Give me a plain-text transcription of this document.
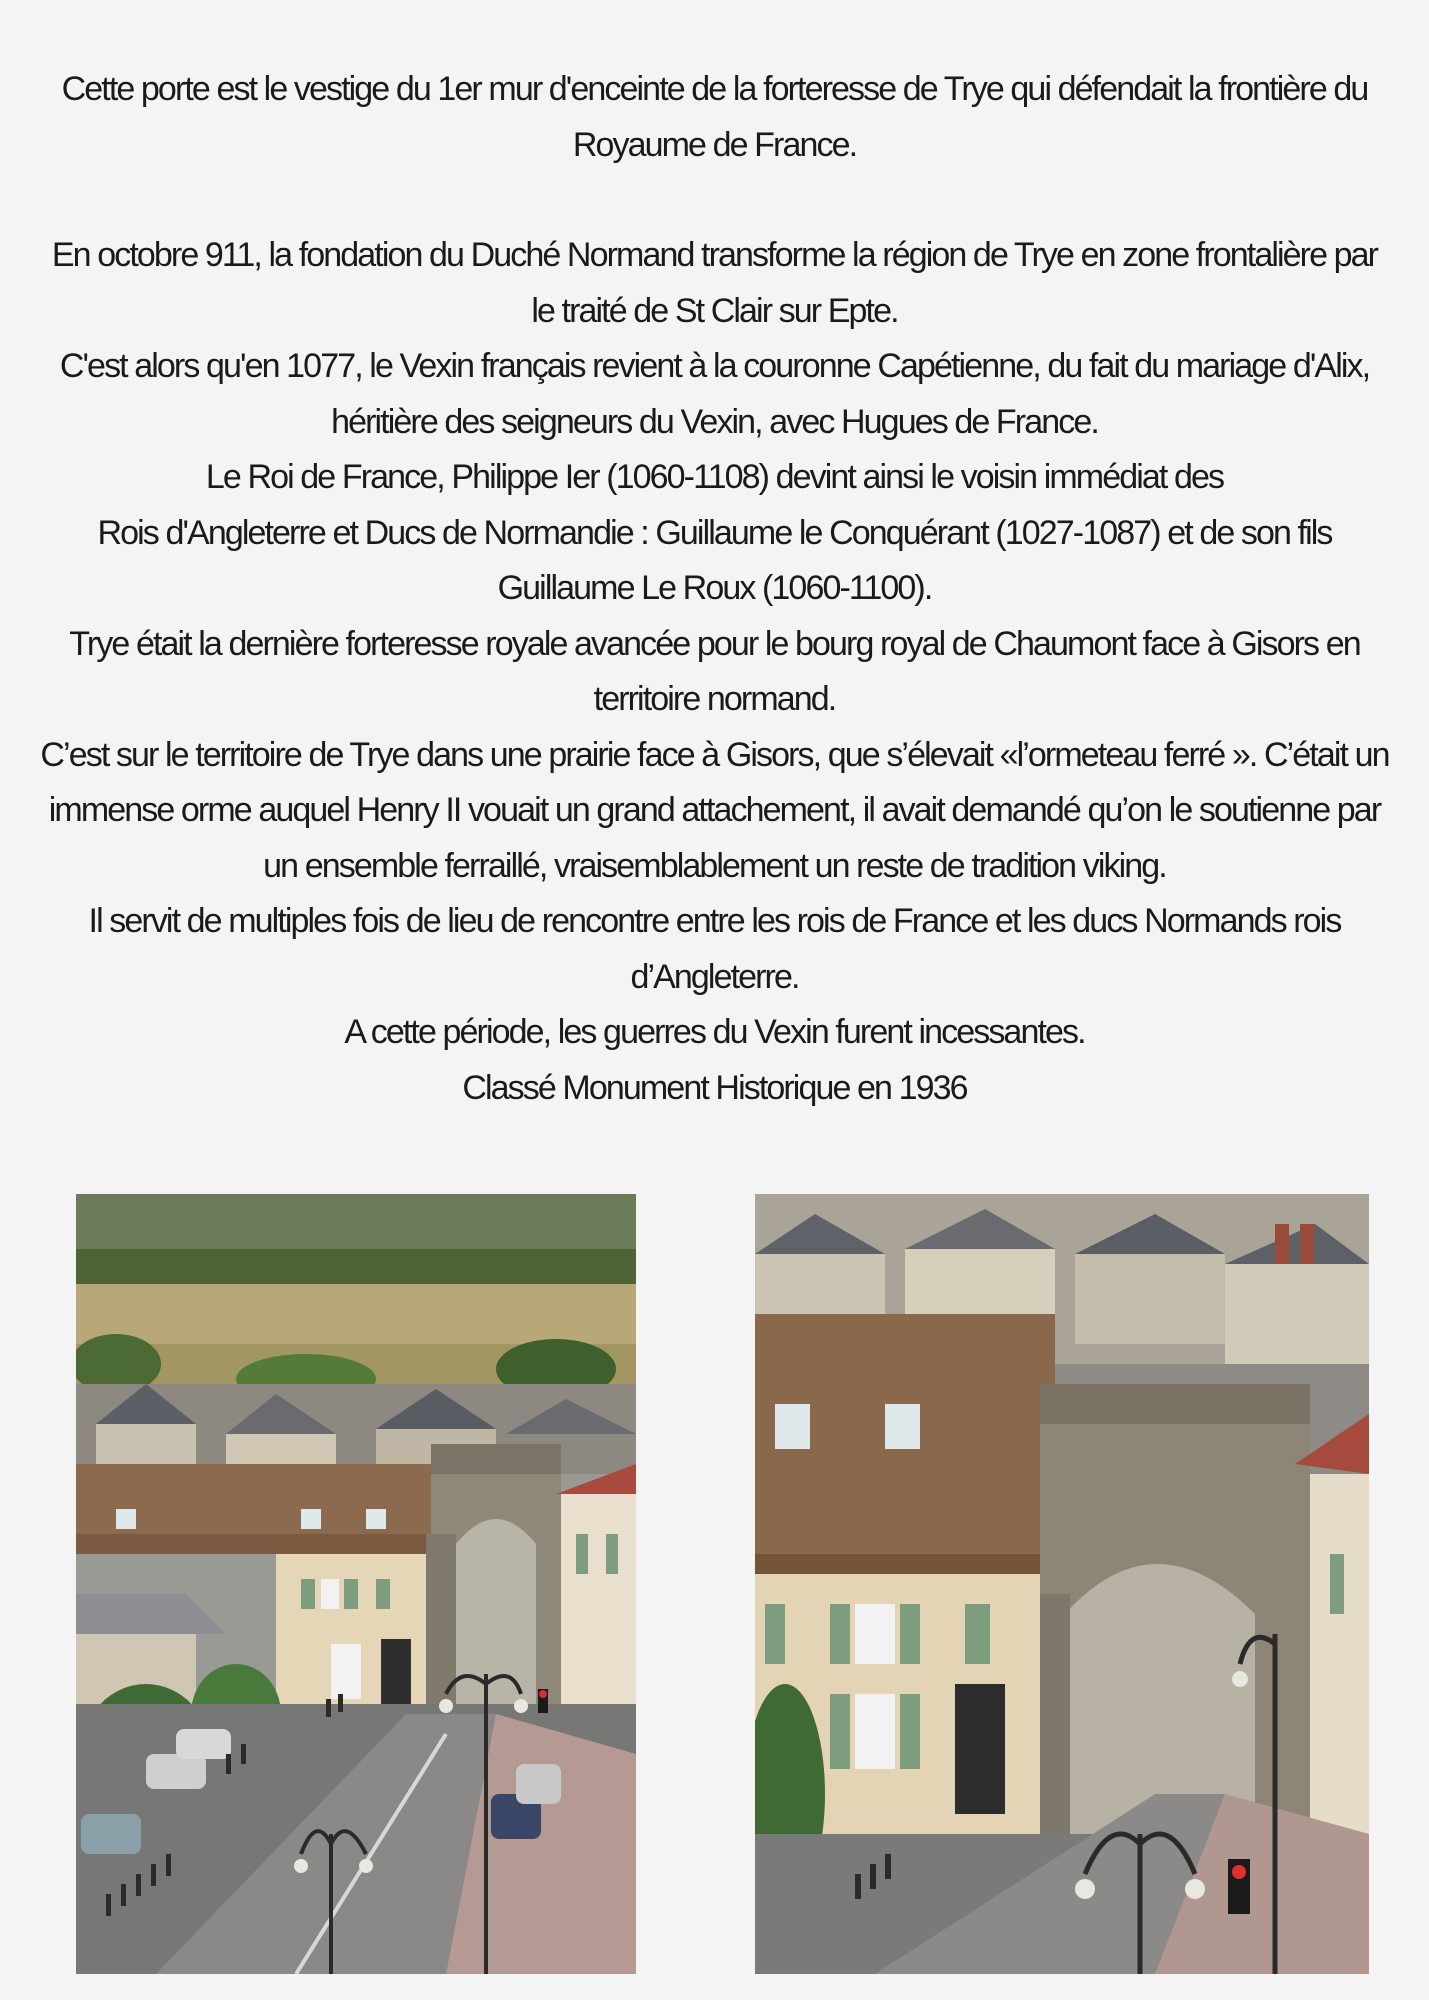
Cette porte est le vestige du 1er mur d'enceinte de la forteresse de Trye qui défendait la frontière du Royaume de France.

En octobre 911, la fondation du Duché Normand transforme la région de Trye en zone frontalière par le traité de St Clair sur Epte.

C'est alors qu'en 1077, le Vexin français revient à la couronne Capétienne, du fait du mariage d'Alix, héritière des seigneurs du Vexin, avec Hugues de France.

Le Roi de France, Philippe Ier (1060-1108) devint ainsi le voisin immédiat des

Rois d'Angleterre et Ducs de Normandie : Guillaume le Conquérant (1027-1087) et de son fils Guillaume Le Roux (1060-1100).

Trye était la dernière forteresse royale avancée pour le bourg royal de Chaumont face à Gisors en territoire normand.

C’est sur le territoire de Trye dans une prairie face à Gisors, que s’élevait «l’ormeteau ferré ». C’était un immense orme auquel Henry II vouait un grand attachement, il avait demandé qu’on le soutienne par un ensemble ferraillé, vraisemblablement un reste de tradition viking.

Il servit de multiples fois de lieu de rencontre entre les rois de France et les ducs Normands rois d’Angleterre.

A cette période, les guerres du Vexin furent incessantes.

Classé Monument Historique en 1936
